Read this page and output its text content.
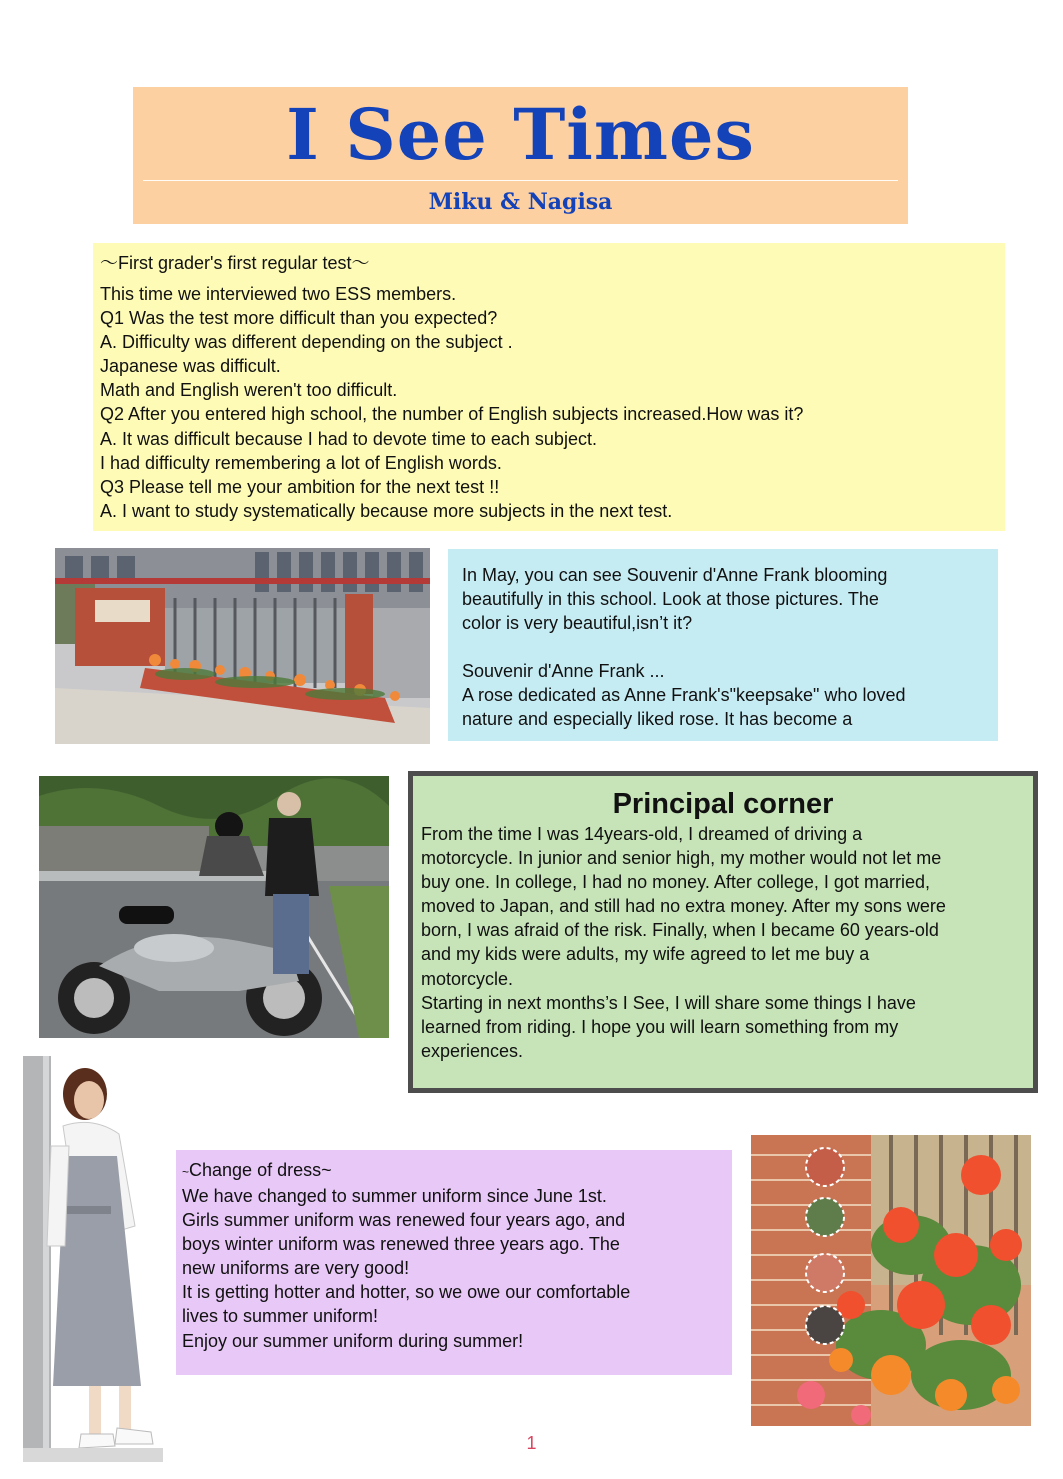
I See Times
Miku & Nagisa
～First grader's first regular test～
This time we interviewed two ESS members.
Q1 Was the test more difficult than you expected?
A. Difficulty was different depending on the subject .
Japanese was difficult.
Math and English weren't too difficult.
Q2 After you entered high school, the number of English subjects increased.How was it?
A. It was difficult because I had to devote time to each subject.
I had difficulty remembering a lot of English words.
Q3 Please tell me your ambition for the next test !!
A. I want to study systematically because more subjects in the next test.
In May, you can see Souvenir d'Anne Frank blooming
beautifully in this school. Look at those pictures. The
color is very beautiful,isn’t it?
Souvenir d'Anne Frank ...
A rose dedicated as Anne Frank's"keepsake" who loved
nature and especially liked rose. It has become a
Principal corner
From the time I was 14years-old, I dreamed of driving a
motorcycle. In junior and senior high, my mother would not let me
buy one. In college, I had no money. After college, I got married,
moved to Japan, and still had no extra money. After my sons were
born, I was afraid of the risk. Finally, when I became 60 years-old
and my kids were adults, my wife agreed to let me buy a
motorcycle.
Starting in next months’s I See, I will share some things I have
learned from riding. I hope you will learn something from my
experiences.
~Change of dress~
We have changed to summer uniform since June 1st.
Girls summer uniform was renewed four years ago, and
boys winter uniform was renewed three years ago. The
new uniforms are very good!
It is getting hotter and hotter, so we owe our comfortable
lives to summer uniform!
Enjoy our summer uniform during summer!
1
